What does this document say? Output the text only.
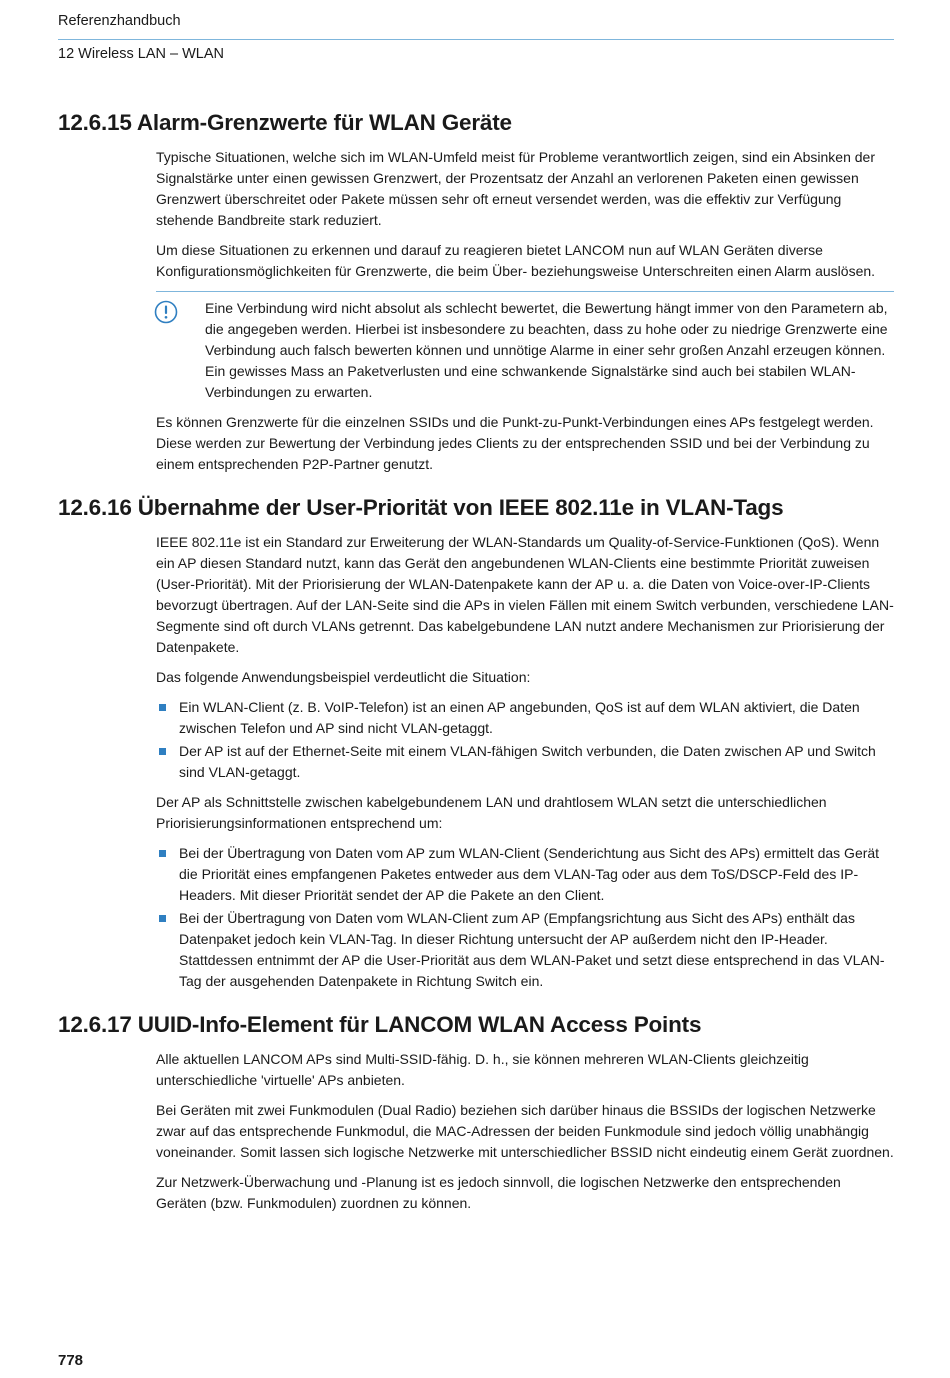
Referenzhandbuch
12 Wireless LAN – WLAN
12.6.15 Alarm-Grenzwerte für WLAN Geräte

Typische Situationen, welche sich im WLAN-Umfeld meist für Probleme verantwortlich zeigen, sind ein Absinken der Signalstärke unter einen gewissen Grenzwert, der Prozentsatz der Anzahl an verlorenen Paketen einen gewissen Grenzwert überschreitet oder Pakete müssen sehr oft erneut versendet werden, was die effektiv zur Verfügung stehende Bandbreite stark reduziert.

Um diese Situationen zu erkennen und darauf zu reagieren bietet LANCOM nun auf WLAN Geräten diverse Konfigurationsmöglichkeiten für Grenzwerte, die beim Über- beziehungsweise Unterschreiten einen Alarm auslösen.

Eine Verbindung wird nicht absolut als schlecht bewertet, die Bewertung hängt immer von den Parametern ab, die angegeben werden. Hierbei ist insbesondere zu beachten, dass zu hohe oder zu niedrige Grenzwerte eine Verbindung auch falsch bewerten können und unnötige Alarme in einer sehr großen Anzahl erzeugen können. Ein gewisses Mass an Paketverlusten und eine schwankende Signalstärke sind auch bei stabilen WLAN-Verbindungen zu erwarten.

Es können Grenzwerte für die einzelnen SSIDs und die Punkt-zu-Punkt-Verbindungen eines APs festgelegt werden. Diese werden zur Bewertung der Verbindung jedes Clients zu der entsprechenden SSID und bei der Verbindung zu einem entsprechenden P2P-Partner genutzt.

12.6.16 Übernahme der User-Priorität von IEEE 802.11e in VLAN-Tags

IEEE 802.11e ist ein Standard zur Erweiterung der WLAN-Standards um Quality-of-Service-Funktionen (QoS). Wenn ein AP diesen Standard nutzt, kann das Gerät den angebundenen WLAN-Clients eine bestimmte Priorität zuweisen (User-Priorität). Mit der Priorisierung der WLAN-Datenpakete kann der AP u. a. die Daten von Voice-over-IP-Clients bevorzugt übertragen. Auf der LAN-Seite sind die APs in vielen Fällen mit einem Switch verbunden, verschiedene LAN-Segmente sind oft durch VLANs getrennt. Das kabelgebundene LAN nutzt andere Mechanismen zur Priorisierung der Datenpakete.

Das folgende Anwendungsbeispiel verdeutlicht die Situation:

Ein WLAN-Client (z. B. VoIP-Telefon) ist an einen AP angebunden, QoS ist auf dem WLAN aktiviert, die Daten zwischen Telefon und AP sind nicht VLAN-getaggt.
Der AP ist auf der Ethernet-Seite mit einem VLAN-fähigen Switch verbunden, die Daten zwischen AP und Switch sind VLAN-getaggt.

Der AP als Schnittstelle zwischen kabelgebundenem LAN und drahtlosem WLAN setzt die unterschiedlichen Priorisierungsinformationen entsprechend um:

Bei der Übertragung von Daten vom AP zum WLAN-Client (Senderichtung aus Sicht des APs) ermittelt das Gerät die Priorität eines empfangenen Paketes entweder aus dem VLAN-Tag oder aus dem ToS/DSCP-Feld des IP-Headers. Mit dieser Priorität sendet der AP die Pakete an den Client.
Bei der Übertragung von Daten vom WLAN-Client zum AP (Empfangsrichtung aus Sicht des APs) enthält das Datenpaket jedoch kein VLAN-Tag. In dieser Richtung untersucht der AP außerdem nicht den IP-Header. Stattdessen entnimmt der AP die User-Priorität aus dem WLAN-Paket und setzt diese entsprechend in das VLAN-Tag der ausgehenden Datenpakete in Richtung Switch ein.
12.6.17 UUID-Info-Element für LANCOM WLAN Access Points

Alle aktuellen LANCOM APs sind Multi-SSID-fähig. D. h., sie können mehreren WLAN-Clients gleichzeitig unterschiedliche 'virtuelle' APs anbieten.

Bei Geräten mit zwei Funkmodulen (Dual Radio) beziehen sich darüber hinaus die BSSIDs der logischen Netzwerke zwar auf das entsprechende Funkmodul, die MAC-Adressen der beiden Funkmodule sind jedoch völlig unabhängig voneinander. Somit lassen sich logische Netzwerke mit unterschiedlicher BSSID nicht eindeutig einem Gerät zuordnen.

Zur Netzwerk-Überwachung und -Planung ist es jedoch sinnvoll, die logischen Netzwerke den entsprechenden Geräten (bzw. Funkmodulen) zuordnen zu können.

778
